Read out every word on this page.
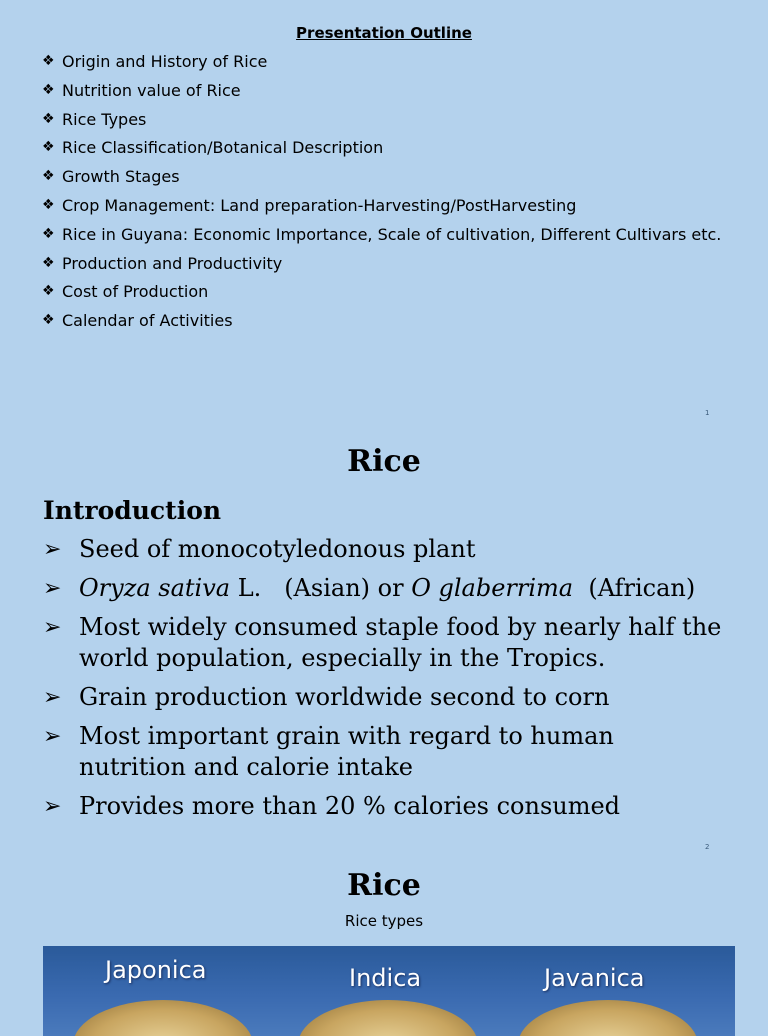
Presentation Outline
❖ Origin and History of Rice
❖ Nutrition value of Rice
❖ Rice Types
❖ Rice Classification/Botanical Description
❖ Growth Stages
❖ Crop Management: Land preparation-Harvesting/PostHarvesting
❖ Rice in Guyana: Economic Importance, Scale of cultivation, Different Cultivars etc.
❖ Production and Productivity
❖ Cost of Production
❖ Calendar of Activities
1
Rice
Introduction
➢ Seed of monocotyledonous plant
➢ Oryza sativa L.   (Asian) or O glaberrima  (African)
➢ Most widely consumed staple food by nearly half the world population, especially in the Tropics.
➢ Grain production worldwide second to corn
➢ Most important grain with regard to human nutrition and calorie intake
➢ Provides more than 20 % calories consumed
2
Rice
Rice types
Japonica	Indica	Javanica
